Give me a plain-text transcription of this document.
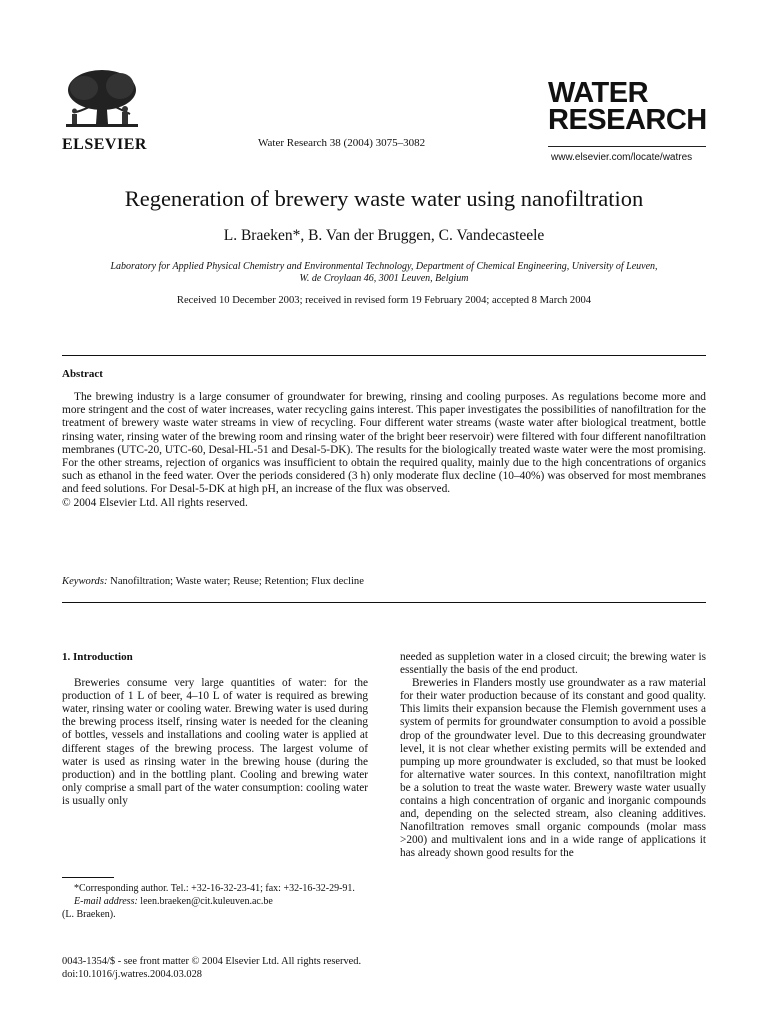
ELSEVIER	Water Research 38 (2004) 3075–3082
WATER
RESEARCH
www.elsevier.com/locate/watres
Regeneration of brewery waste water using nanofiltration
L. Braeken*, B. Van der Bruggen, C. Vandecasteele
Laboratory for Applied Physical Chemistry and Environmental Technology, Department of Chemical Engineering, University of Leuven,
W. de Croylaan 46, 3001 Leuven, Belgium
Received 10 December 2003; received in revised form 19 February 2004; accepted 8 March 2004
Abstract

The brewing industry is a large consumer of groundwater for brewing, rinsing and cooling purposes. As regulations become more and more stringent and the cost of water increases, water recycling gains interest. This paper investigates the possibilities of nanofiltration for the treatment of brewery waste water streams in view of recycling. Four different water streams (waste water after biological treatment, bottle rinsing water, rinsing water of the brewing room and rinsing water of the bright beer reservoir) were filtered with four different nanofiltration membranes (UTC-20, UTC-60, Desal-HL-51 and Desal-5-DK). The results for the biologically treated waste water were the most promising. For the other streams, rejection of organics was insufficient to obtain the required quality, mainly due to the high concentrations of organics such as ethanol in the feed water. Over the periods considered (3 h) only moderate flux decline (10–40%) was observed for most membranes and feed solutions. For Desal-5-DK at high pH, an increase of the flux was observed.

© 2004 Elsevier Ltd. All rights reserved.
Keywords: Nanofiltration; Waste water; Reuse; Retention; Flux decline

1. Introduction

Breweries consume very large quantities of water: for the production of 1 L of beer, 4–10 L of water is required as brewing water, rinsing water or cooling water. Brewing water is used during the brewing process itself, rinsing water is needed for the cleaning of bottles, vessels and installations and cooling water is applied at different stages of the brewing process. The largest volume of water is used as rinsing water in the brewing house (during the production) and in the bottling plant. Cooling and brewing water only comprise a small part of the water consumption: cooling water is usually only

needed as suppletion water in a closed circuit; the brewing water is essentially the basis of the end product.

Breweries in Flanders mostly use groundwater as a raw material for their water production because of its constant and good quality. This limits their expansion because the Flemish government uses a system of permits for groundwater consumption to avoid a possible drop of the groundwater level. Due to this decreasing groundwater level, it is not clear whether existing permits will be extended and pumping up more groundwater is excluded, so that must be looked for alternative water sources. In this context, nanofiltration might be a solution to treat the waste water. Brewery waste water usually contains a high concentration of organic and inorganic compounds and, depending on the selected stream, also cleaning additives. Nanofiltration removes small organic compounds (molar mass >200) and multivalent ions and in a wide range of applications it has already shown good results for the

*Corresponding author. Tel.: +32-16-32-23-41; fax: +32-16-32-29-91.

E-mail address: leen.braeken@cit.kuleuven.ac.be

(L. Braeken).

0043-1354/$ - see front matter © 2004 Elsevier Ltd. All rights reserved.
doi:10.1016/j.watres.2004.03.028
